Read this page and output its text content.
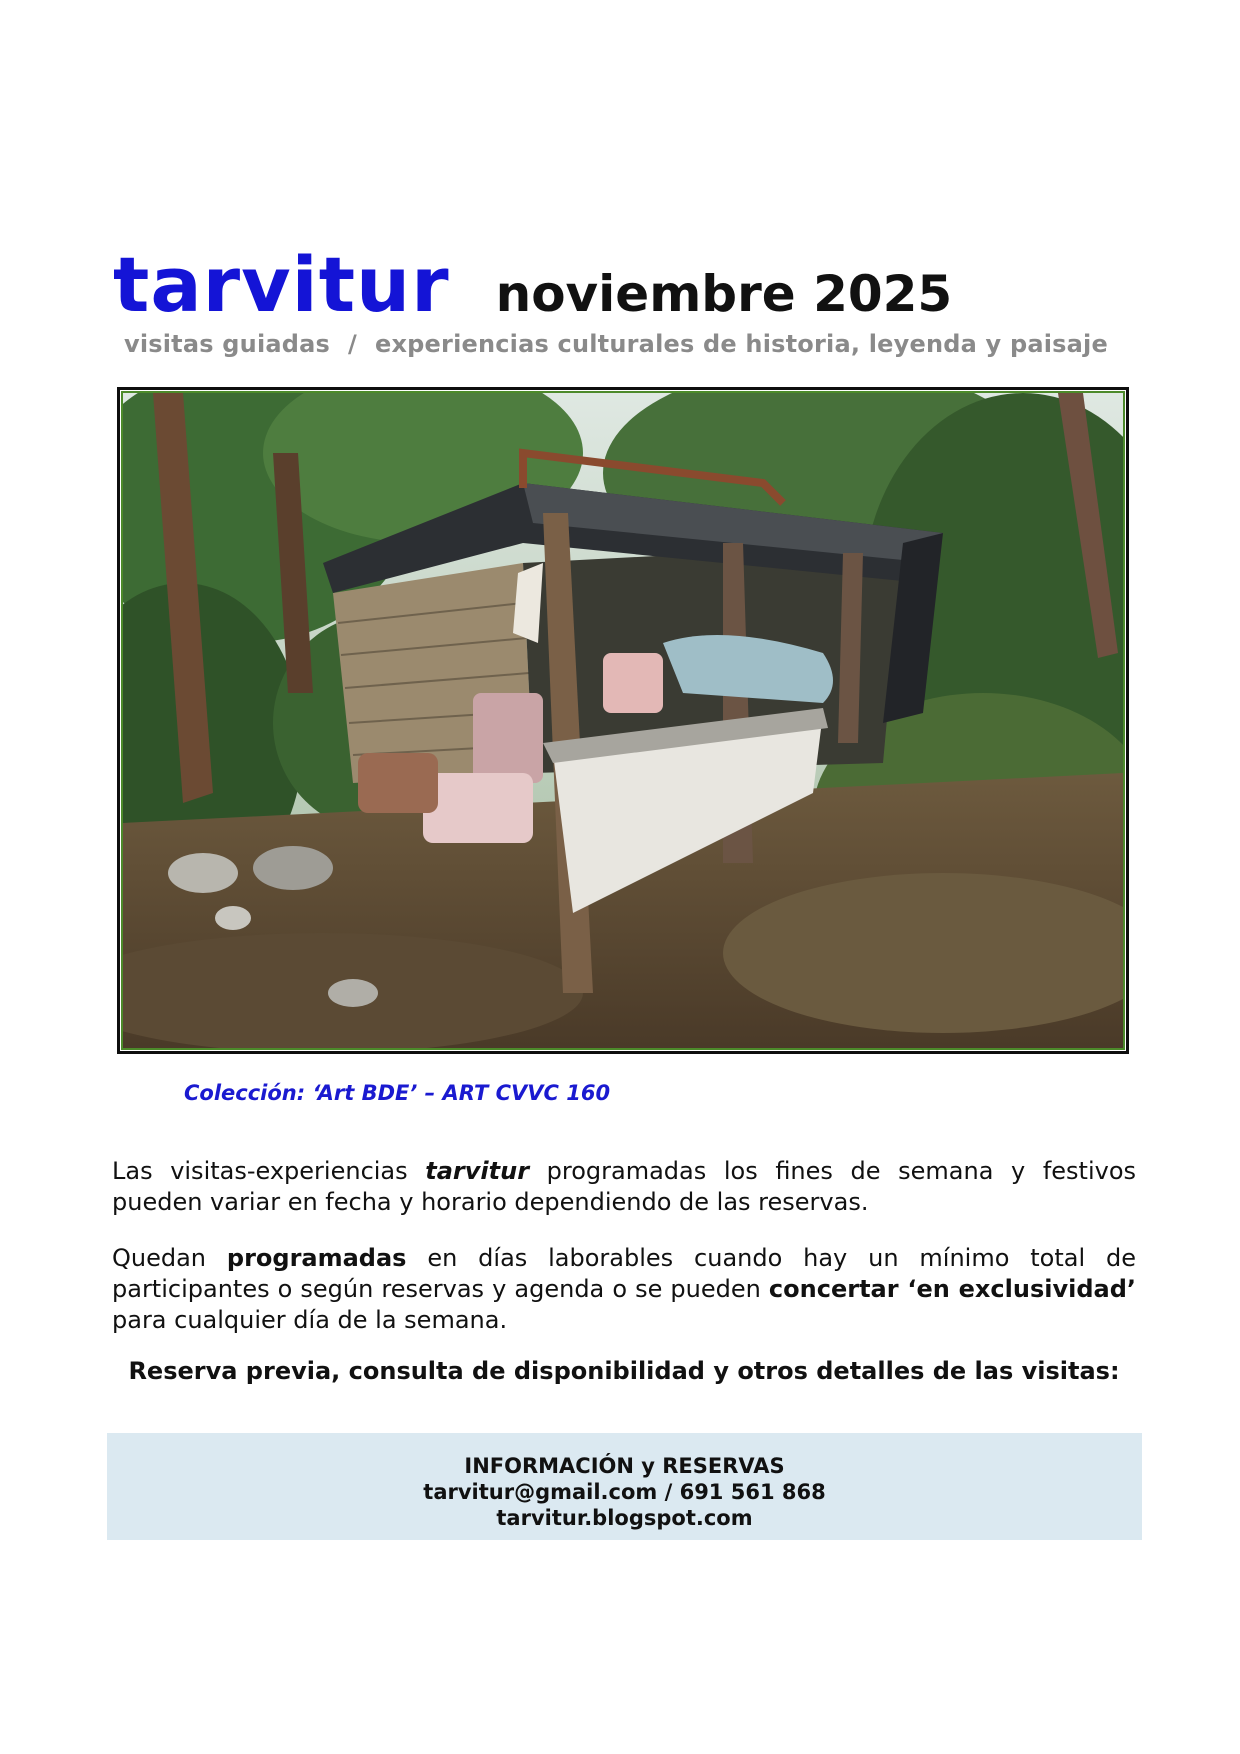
tarvitur noviembre 2025
visitas guiadas / experiencias culturales de historia, leyenda y paisaje
Colección: ‘Art BDE’ – ART CVVC 160

Las visitas-experiencias tarvitur programadas los fines de semana y festivos pueden variar en fecha y horario dependiendo de las reservas.

Quedan programadas en días laborables cuando hay un mínimo total de participantes o según reservas y agenda o se pueden concertar ‘en exclusividad’ para cualquier día de la semana.

Reserva previa, consulta de disponibilidad y otros detalles de las visitas:
INFORMACIÓN y RESERVAS
tarvitur@gmail.com / 691 561 868
tarvitur.blogspot.com
